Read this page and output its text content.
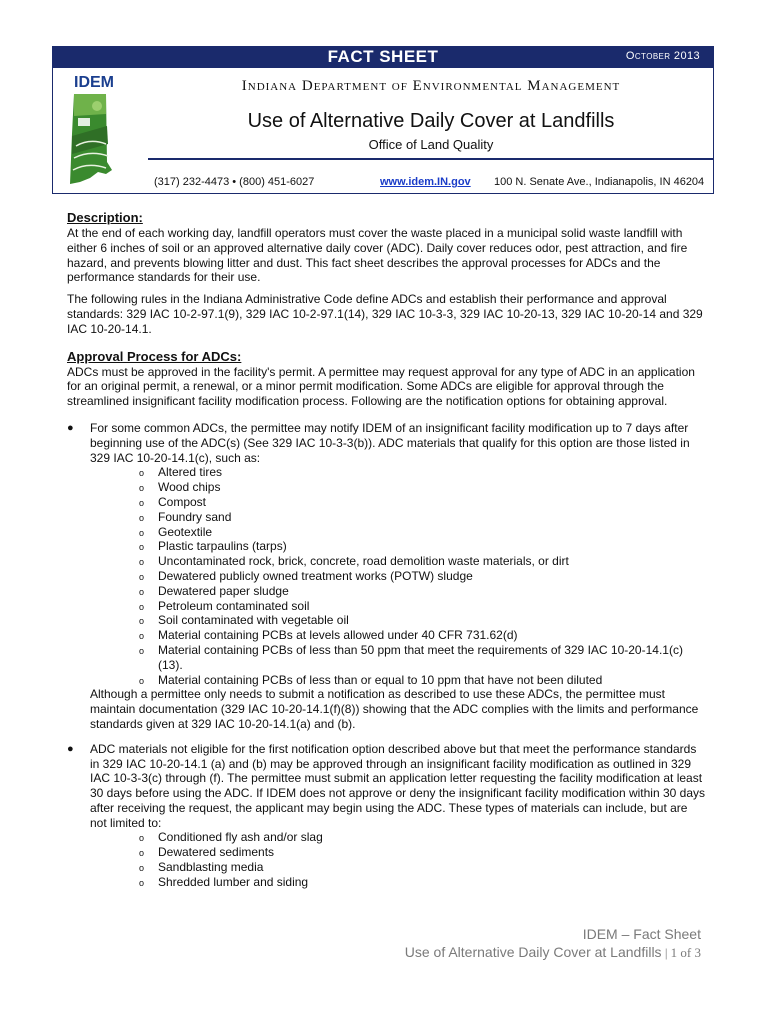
FACT SHEET	October 2013
IDEM	Indiana Department of Environmental Management
Use of Alternative Daily Cover at Landfills
Office of Land Quality
(317) 232-4473 • (800) 451-6027	www.idem.IN.gov 100 N. Senate Ave., Indianapolis, IN 46204

Description:

At the end of each working day, landfill operators must cover the waste placed in a municipal solid waste landfill with either 6 inches of soil or an approved alternative daily cover (ADC). Daily cover reduces odor, pest attraction, and fire hazard, and prevents blowing litter and dust. This fact sheet describes the approval processes for ADCs and the performance standards for their use.

The following rules in the Indiana Administrative Code define ADCs and establish their performance and approval standards: 329 IAC 10-2-97.1(9), 329 IAC 10-2-97.1(14), 329 IAC 10-3-3, 329 IAC 10-20-13, 329 IAC 10-20-14 and 329 IAC 10-20-14.1.

Approval Process for ADCs:

ADCs must be approved in the facility's permit. A permittee may request approval for any type of ADC in an application for an original permit, a renewal, or a minor permit modification. Some ADCs are eligible for approval through the streamlined insignificant facility modification process. Following are the notification options for obtaining approval.

● For some common ADCs, the permittee may notify IDEM of an insignificant facility modification up to 7 days after beginning use of the ADC(s) (See 329 IAC 10-3-3(b)). ADC materials that qualify for this option are those listed in 329 IAC 10-20-14.1(c), such as:

o Altered tires
o Wood chips
o Compost
o Foundry sand
o Geotextile
o Plastic tarpaulins (tarps)
o Uncontaminated rock, brick, concrete, road demolition waste materials, or dirt
o Dewatered publicly owned treatment works (POTW) sludge
o Dewatered paper sludge
o Petroleum contaminated soil
o Soil contaminated with vegetable oil
o Material containing PCBs at levels allowed under 40 CFR 731.62(d)
o Material containing PCBs of less than 50 ppm that meet the requirements of 329 IAC 10-20-14.1(c)(13).
o Material containing PCBs of less than or equal to 10 ppm that have not been diluted

Although a permittee only needs to submit a notification as described to use these ADCs, the permittee must maintain documentation (329 IAC 10-20-14.1(f)(8)) showing that the ADC complies with the limits and performance standards given at 329 IAC 10-20-14.1(a) and (b).

● ADC materials not eligible for the first notification option described above but that meet the performance standards in 329 IAC 10-20-14.1 (a) and (b) may be approved through an insignificant facility modification as outlined in 329 IAC 10-3-3(c) through (f). The permittee must submit an application letter requesting the facility modification at least 30 days before using the ADC. If IDEM does not approve or deny the insignificant facility modification within 30 days after receiving the request, the applicant may begin using the ADC. These types of materials can include, but are not limited to:

o Conditioned fly ash and/or slag
o Dewatered sediments
o Sandblasting media
o Shredded lumber and siding
IDEM – Fact Sheet
Use of Alternative Daily Cover at Landfills | 1 of 3
